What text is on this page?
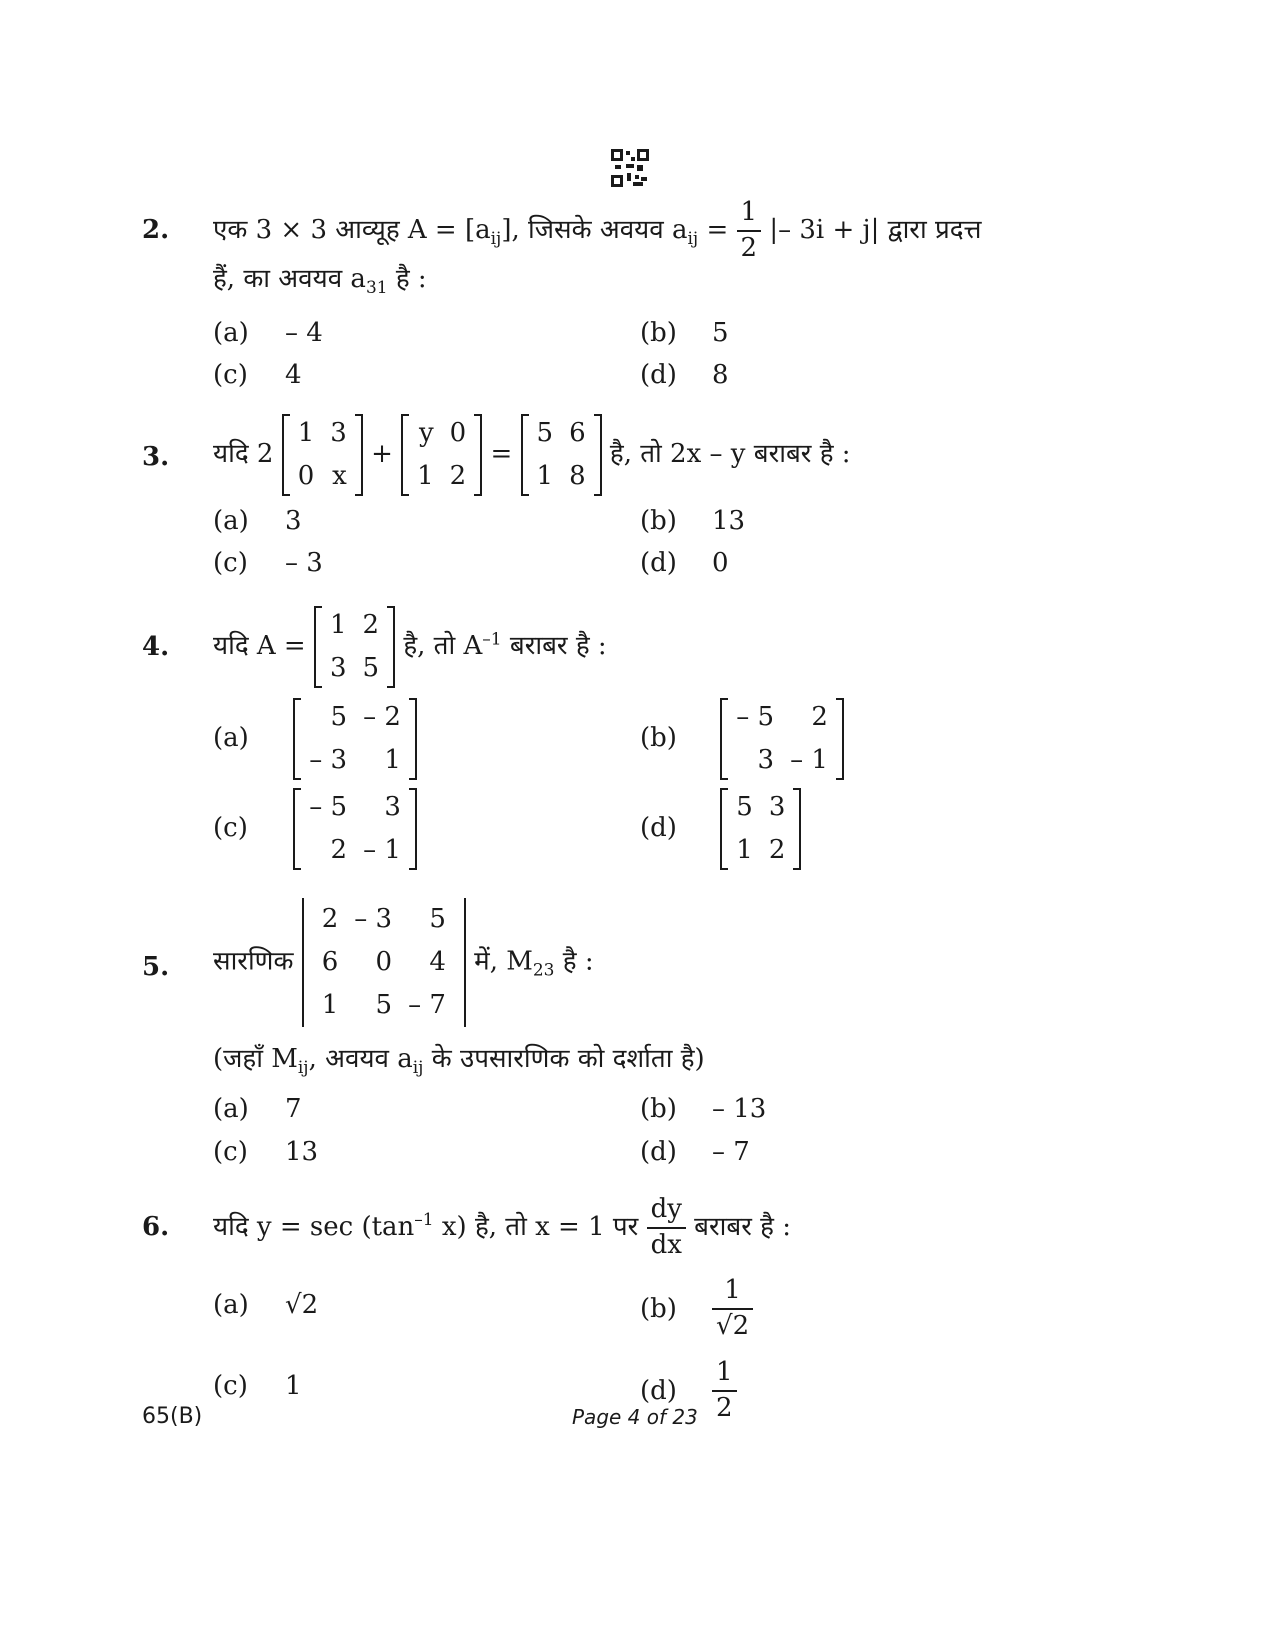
2. एक 3 × 3 आव्यूह $A = [a_{ij}]$, जिसके अवयव $a_{ij} = \frac{1}{2}$ |– 3i + j| द्वारा प्रदत्त
हैं, का अवयव $a_{31}$ है :
(a) – 4	(b) 5
(c) 4	(d) 8
3. यदि 2
1	3
0	x
+
y	0
1	2
=
5	6
1	8
है, तो 2x – y बराबर है :
(a) 3	(b) 13
(c) – 3	(d) 0
4. यदि A =
1	2
3	5
है, तो $A^{-1}$ बराबर है :
(a)
5	– 2
– 3	1
(b)
– 5	2
3	– 1
(c)
– 5	3
2	– 1
(d)
5	3
1	2
5. सारणिक
2	– 3	5
6	0	4
1	5	– 7
में, $M_{23}$ है :
(जहाँ $M_{ij}$, अवयव $a_{ij}$ के उपसारणिक को दर्शाता है)
(a) 7	(b) – 13
(c) 13	(d) – 7
6. यदि $y = \sec (\tan^{-1}$ x) है, तो x = 1 पर $\frac{dy}{dx}$ बराबर है :
(a) √2	$(b) \frac{1}{√2}$
(c) 1	$(d) \frac{1}{2}$
65(B)	Page 4 of 23
